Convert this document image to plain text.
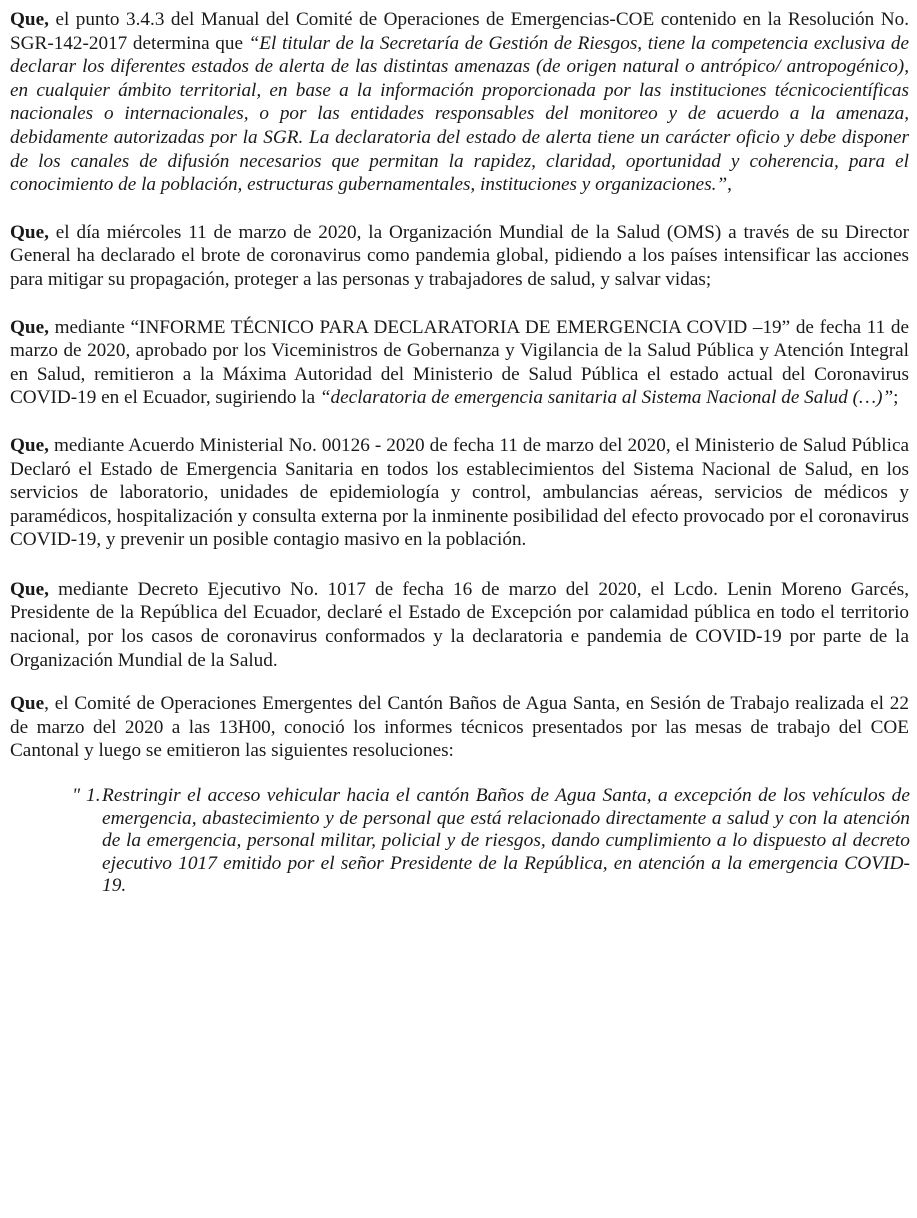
Que, el punto 3.4.3 del Manual del Comité de Operaciones de Emergencias-COE contenido en la Resolución No. SGR-142-2017 determina que “El titular de la Secretaría de Gestión de Riesgos, tiene la competencia exclusiva de declarar los diferentes estados de alerta de las distintas amenazas (de origen natural o antrópico/ antropogénico), en cualquier ámbito territorial, en base a la información proporcionada por las instituciones técnicocientíficas nacionales o internacionales, o por las entidades responsables del monitoreo y de acuerdo a la amenaza, debidamente autorizadas por la SGR. La declaratoria del estado de alerta tiene un carácter oficio y debe disponer de los canales de difusión necesarios que permitan la rapidez, claridad, oportunidad y coherencia, para el conocimiento de la población, estructuras gubernamentales, instituciones y organizaciones.”,

Que, el día miércoles 11 de marzo de 2020, la Organización Mundial de la Salud (OMS) a través de su Director General ha declarado el brote de coronavirus como pandemia global, pidiendo a los países intensificar las acciones para mitigar su propagación, proteger a las personas y trabajadores de salud, y salvar vidas;

Que, mediante “INFORME TÉCNICO PARA DECLARATORIA DE EMERGENCIA COVID –19” de fecha 11 de marzo de 2020, aprobado por los Viceministros de Gobernanza y Vigilancia de la Salud Pública y Atención Integral en Salud, remitieron a la Máxima Autoridad del Ministerio de Salud Pública el estado actual del Coronavirus COVID-19 en el Ecuador, sugiriendo la “declaratoria de emergencia sanitaria al Sistema Nacional de Salud (…)”;

Que, mediante Acuerdo Ministerial No. 00126 - 2020 de fecha 11 de marzo del 2020, el Ministerio de Salud Pública Declaró el Estado de Emergencia Sanitaria en todos los establecimientos del Sistema Nacional de Salud, en los servicios de laboratorio, unidades de epidemiología y control, ambulancias aéreas, servicios de médicos y paramédicos, hospitalización y consulta externa por la inminente posibilidad del efecto provocado por el coronavirus COVID-19, y prevenir un posible contagio masivo en la población.

Que, mediante Decreto Ejecutivo No. 1017 de fecha 16 de marzo del 2020, el Lcdo. Lenin Moreno Garcés, Presidente de la República del Ecuador, declaré el Estado de Excepción por calamidad pública en todo el territorio nacional, por los casos de coronavirus conformados y la declaratoria e pandemia de COVID-19 por parte de la Organización Mundial de la Salud.

Que, el Comité de Operaciones Emergentes del Cantón Baños de Agua Santa, en Sesión de Trabajo realizada el 22 de marzo del 2020 a las 13H00, conoció los informes técnicos presentados por las mesas de trabajo del COE Cantonal y luego se emitieron las siguientes resoluciones:

" 1. Restringir el acceso vehicular hacia el cantón Baños de Agua Santa, a excepción de los vehículos de emergencia, abastecimiento y de personal que está relacionado directamente a salud y con la atención de la emergencia, personal militar, policial y de riesgos, dando cumplimiento a lo dispuesto al decreto ejecutivo 1017 emitido por el señor Presidente de la República, en atención a la emergencia COVID-19.
